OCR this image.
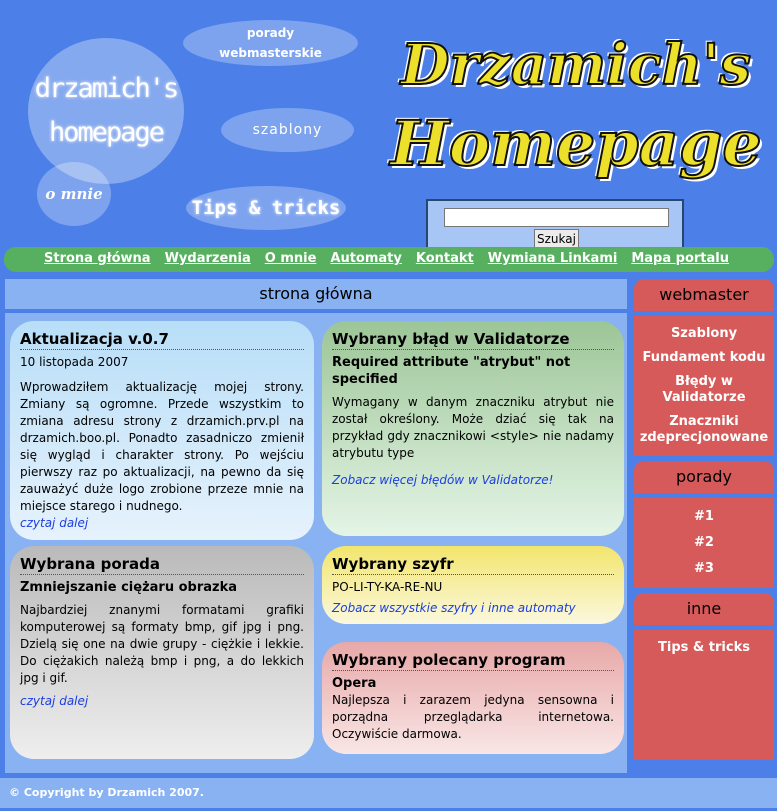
drzamich's
homepage
porady
webmasterskie
szablony
o mnie
Tips & tricks
Drzamich's
Homepage
Szukaj
Strona główna Wydarzenia O mnie Automaty Kontakt Wymiana Linkami Mapa portalu
strona główna
Aktualizacja v.0.7
10 listopada 2007

Wprowadziłem aktualizację mojej strony. Zmiany są ogromne. Przede wszystkim to zmiana adresu strony z drzamich.prv.pl na drzamich.boo.pl. Ponadto zasadniczo zmienił się wygląd i charakter strony. Po wejściu pierwszy raz po aktualizacji, na pewno da się zauważyć duże logo zrobione przeze mnie na miejsce starego i nudnego.

czytaj dalej
Wybrany błąd w Validatorze
Required attribute "atrybut" not specified

Wymagany w danym znaczniku atrybut nie został określony. Może dziać się tak na przykład gdy znacznikowi <style> nie nadamy atrybutu type

Zobacz więcej błędów w Validatorze!

Wybrana porada
Zmniejszanie ciężaru obrazka

Najbardziej znanymi formatami grafiki komputerowej są formaty bmp, gif jpg i png. Dzielą się one na dwie grupy - ciężkie i lekkie. Do ciężakich należą bmp i png, a do lekkich jpg i gif.

czytaj dalej

Wybrany szyfr

PO-LI-TY-KA-RE-NU

Zobacz wszystkie szyfry i inne automaty

Wybrany polecany program
Opera

Najlepsza i zarazem jedyna sensowna i porządna przeglądarka internetowa. Oczywiście darmowa.

webmaster
Szablony
Fundament kodu
Błędy w Validatorze
Znaczniki zdeprecjonowane
porady
#1
#2
#3
inne
Tips & tricks
© Copyright by Drzamich 2007.
